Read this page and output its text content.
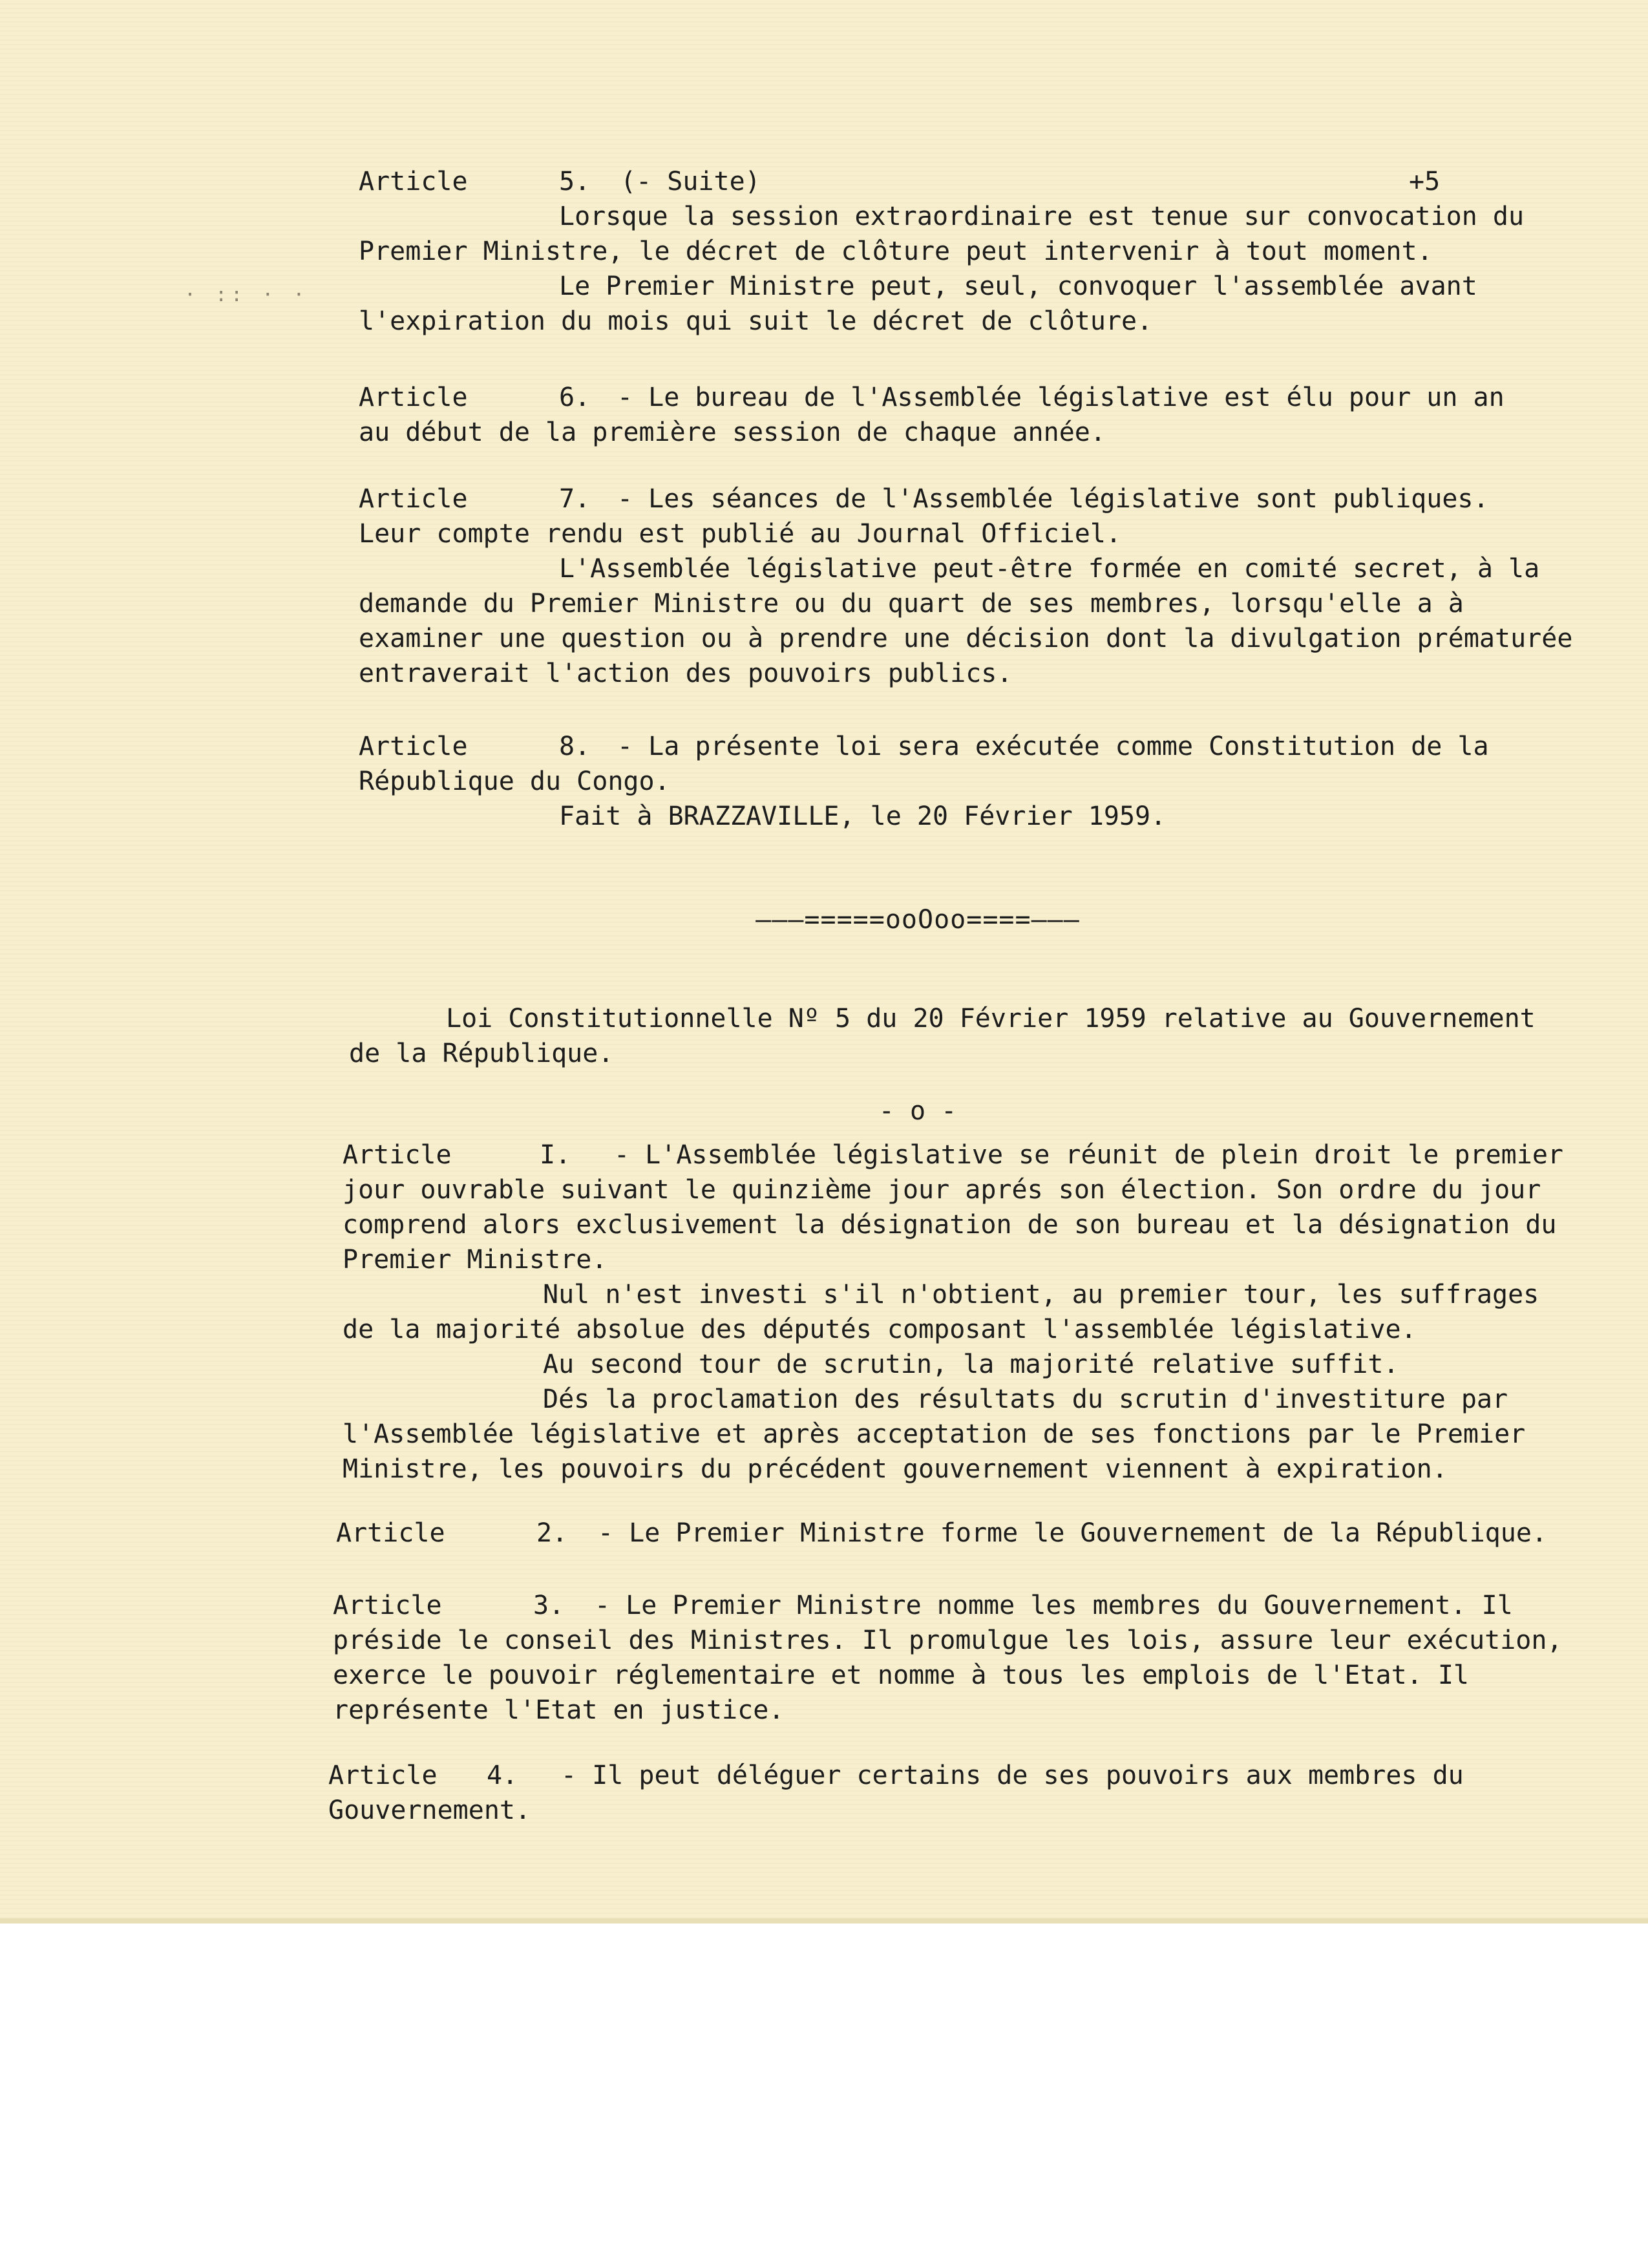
+5
· :: · ·
Article	5. (- Suite)
Lorsque la session extraordinaire est tenue sur convocation du
Premier Ministre, le décret de clôture peut intervenir à tout moment.
Le Premier Ministre peut, seul, convoquer l'assemblée avant
l'expiration du mois qui suit le décret de clôture.
Article	6. - Le bureau de l'Assemblée législative est élu pour un an
au début de la première session de chaque année.
Article	7. - Les séances de l'Assemblée législative sont publiques.
Leur compte rendu est publié au Journal Officiel.
L'Assemblée législative peut-être formée en comité secret, à la
demande du Premier Ministre ou du quart de ses membres, lorsqu'elle a à
examiner une question ou à prendre une décision dont la divulgation prématurée
entraverait l'action des pouvoirs publics.
Article	8. - La présente loi sera exécutée comme Constitution de la
République du Congo.
Fait à BRAZZAVILLE, le 20 Février 1959.
———=====ooOoo====———
Loi Constitutionnelle Nº 5 du 20 Février 1959 relative au Gouvernement
de la République.
- o -
Article	I. - L'Assemblée législative se réunit de plein droit le premier
jour ouvrable suivant le quinzième jour aprés son élection. Son ordre du jour
comprend alors exclusivement la désignation de son bureau et la désignation du
Premier Ministre.
Nul n'est investi s'il n'obtient, au premier tour, les suffrages
de la majorité absolue des députés composant l'assemblée législative.
Au second tour de scrutin, la majorité relative suffit.
Dés la proclamation des résultats du scrutin d'investiture par
l'Assemblée législative et après acceptation de ses fonctions par le Premier
Ministre, les pouvoirs du précédent gouvernement viennent à expiration.
Article	2. - Le Premier Ministre forme le Gouvernement de la République.
Article	3. - Le Premier Ministre nomme les membres du Gouvernement. Il
préside le conseil des Ministres. Il promulgue les lois, assure leur exécution,
exerce le pouvoir réglementaire et nomme à tous les emplois de l'Etat. Il
représente l'Etat en justice.
Article 4. - Il peut déléguer certains de ses pouvoirs aux membres du
Gouvernement.
